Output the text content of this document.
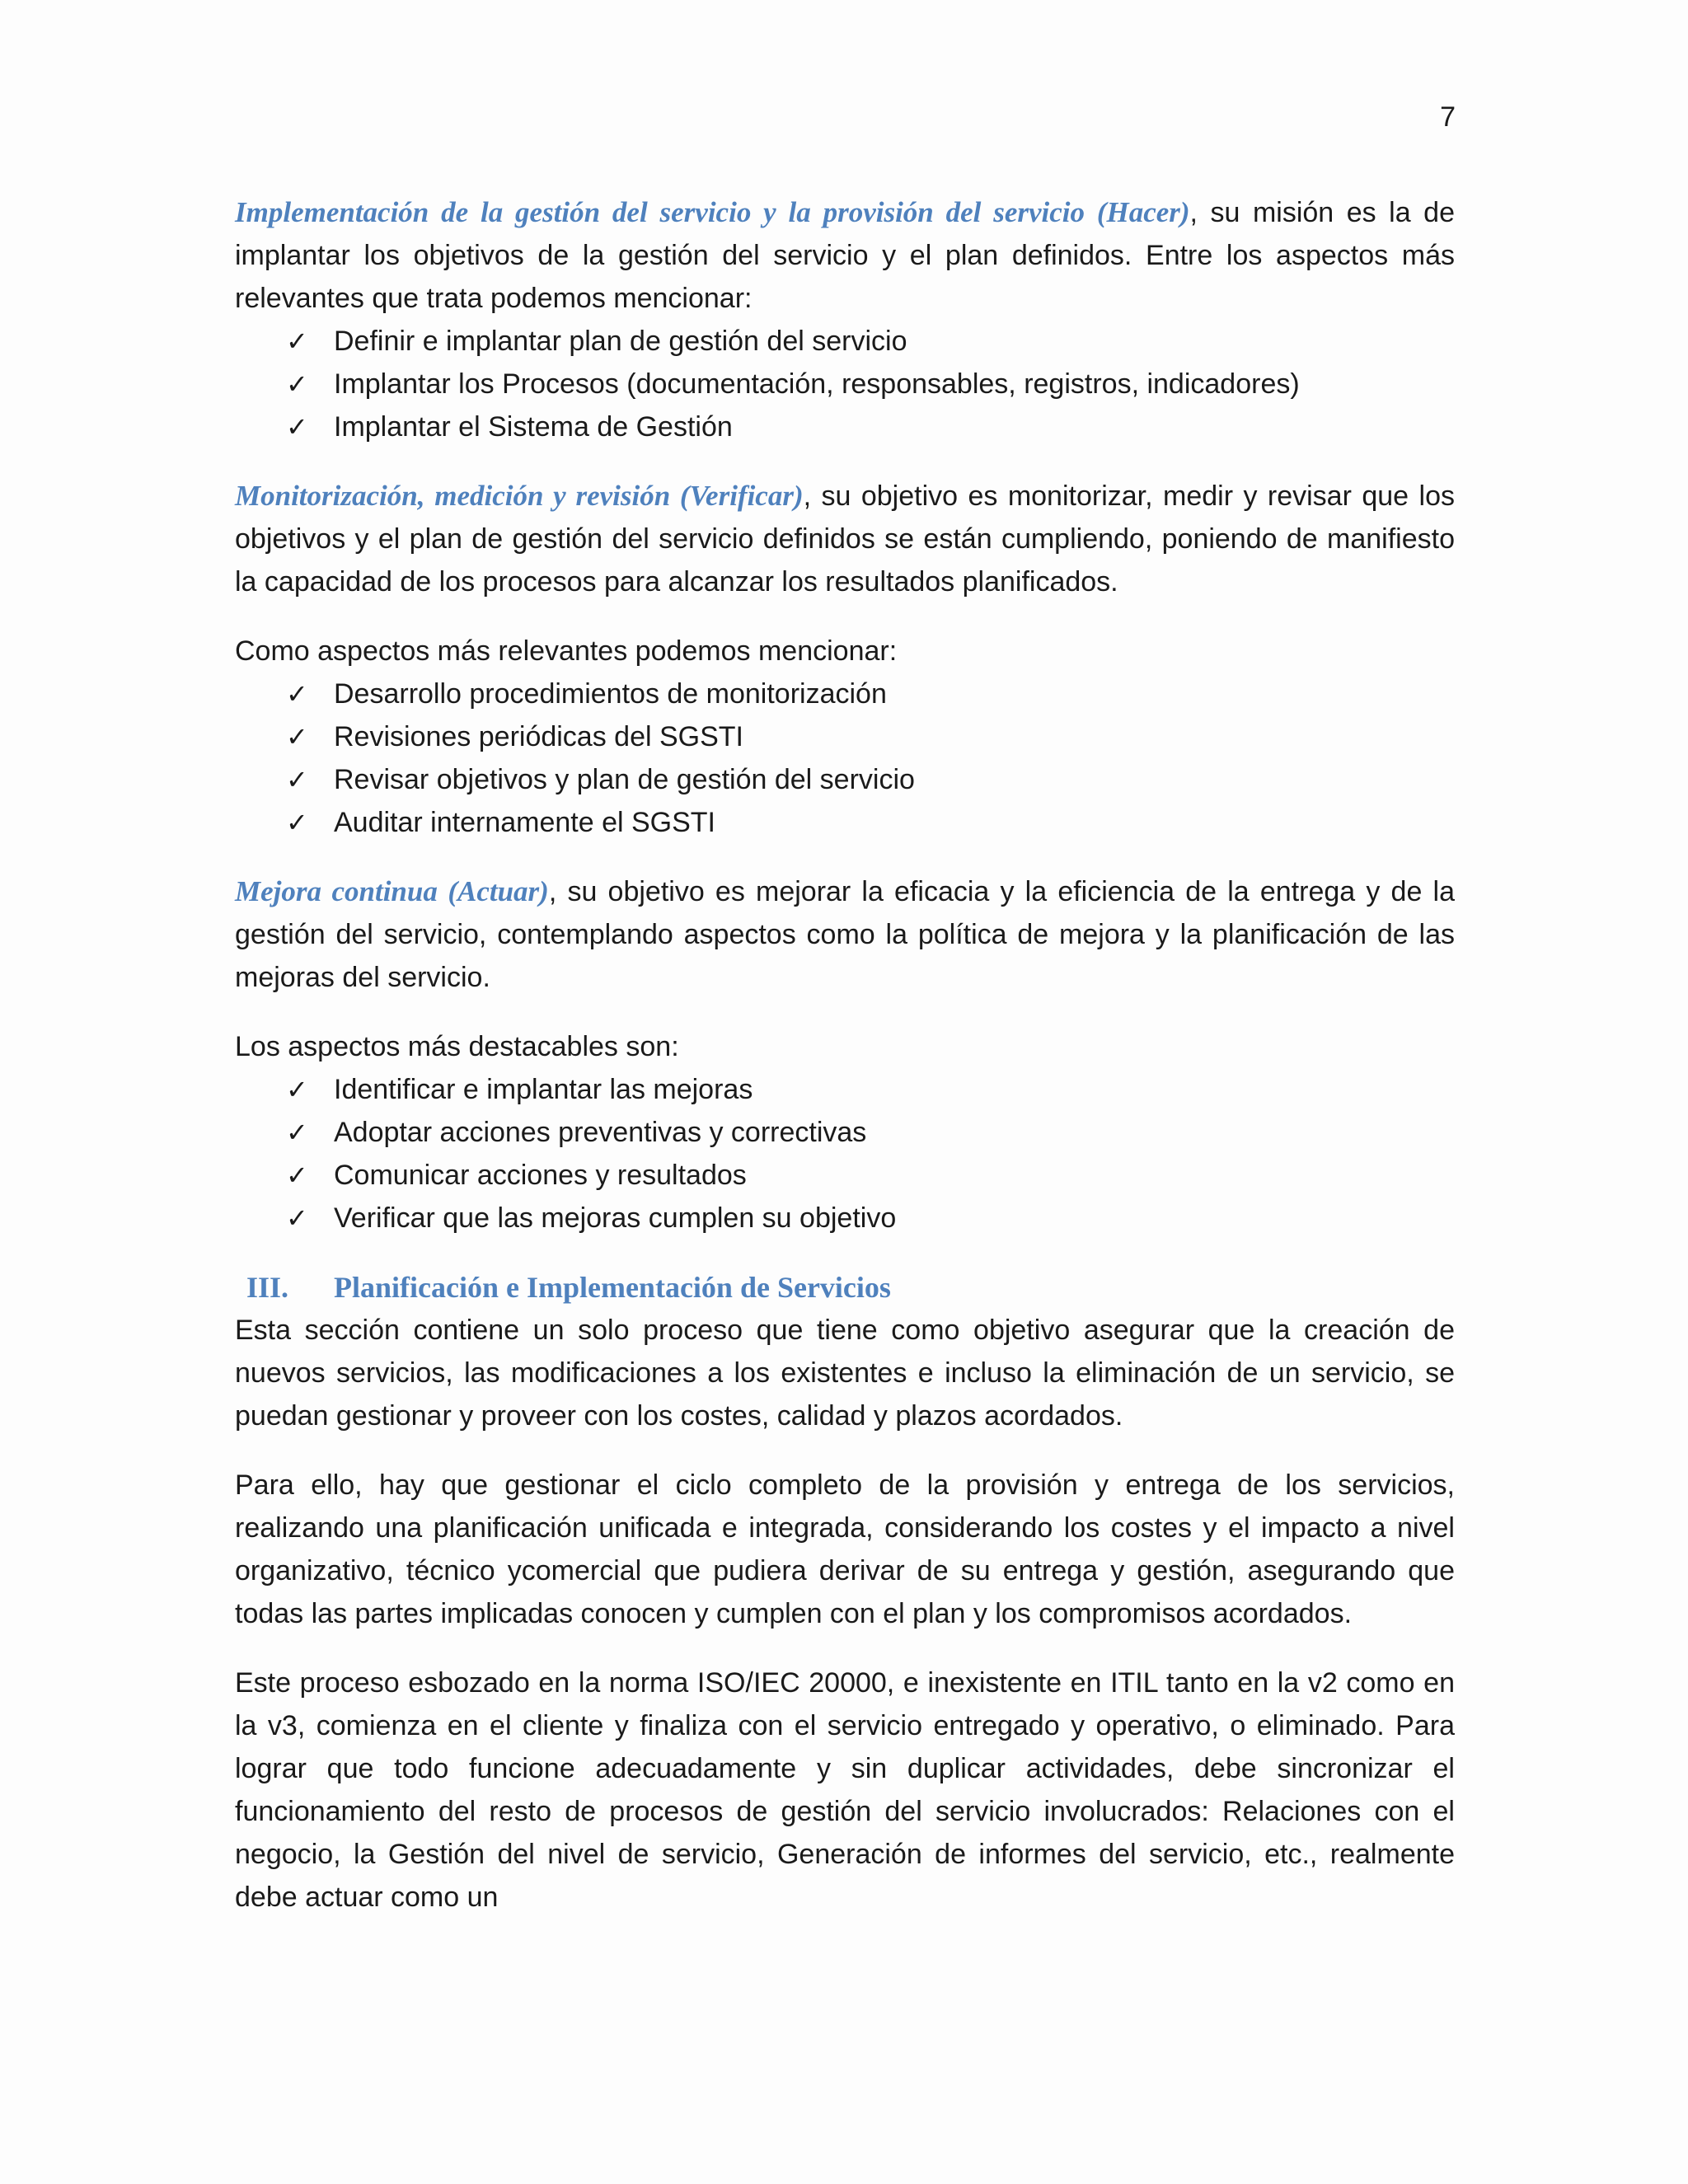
7

Implementación de la gestión del servicio y la provisión del servicio (Hacer), su misión es la de implantar los objetivos de la gestión del servicio y el plan definidos. Entre los aspectos más relevantes que trata podemos mencionar:

✓ Definir e implantar plan de gestión del servicio
✓ Implantar los Procesos (documentación, responsables, registros, indicadores)
✓ Implantar el Sistema de Gestión

Monitorización, medición y revisión (Verificar), su objetivo es monitorizar, medir y revisar que los objetivos y el plan de gestión del servicio definidos se están cumpliendo, poniendo de manifiesto la capacidad de los procesos para alcanzar los resultados planificados.

Como aspectos más relevantes podemos mencionar:

✓ Desarrollo procedimientos de monitorización
✓ Revisiones periódicas del SGSTI
✓ Revisar objetivos y plan de gestión del servicio
✓ Auditar internamente el SGSTI

Mejora continua (Actuar), su objetivo es mejorar la eficacia y la eficiencia de la entrega y de la gestión del servicio, contemplando aspectos como la política de mejora y la planificación de las mejoras del servicio.

Los aspectos más destacables son:

✓ Identificar e implantar las mejoras
✓ Adoptar acciones preventivas y correctivas
✓ Comunicar acciones y resultados
✓ Verificar que las mejoras cumplen su objetivo
III. Planificación e Implementación de Servicios

Esta sección contiene un solo proceso que tiene como objetivo asegurar que la creación de nuevos servicios, las modificaciones a los existentes e incluso la eliminación de un servicio, se puedan gestionar y proveer con los costes, calidad y plazos acordados.

Para ello, hay que gestionar el ciclo completo de la provisión y entrega de los servicios, realizando una planificación unificada e integrada, considerando los costes y el impacto a nivel organizativo, técnico ycomercial que pudiera derivar de su entrega y gestión, asegurando que todas las partes implicadas conocen y cumplen con el plan y los compromisos acordados.

Este proceso esbozado en la norma ISO/IEC 20000, e inexistente en ITIL tanto en la v2 como en la v3, comienza en el cliente y finaliza con el servicio entregado y operativo, o eliminado. Para lograr que todo funcione adecuadamente y sin duplicar actividades, debe sincronizar el funcionamiento del resto de procesos de gestión del servicio involucrados: Relaciones con el negocio, la Gestión del nivel de servicio, Generación de informes del servicio, etc., realmente debe actuar como un
